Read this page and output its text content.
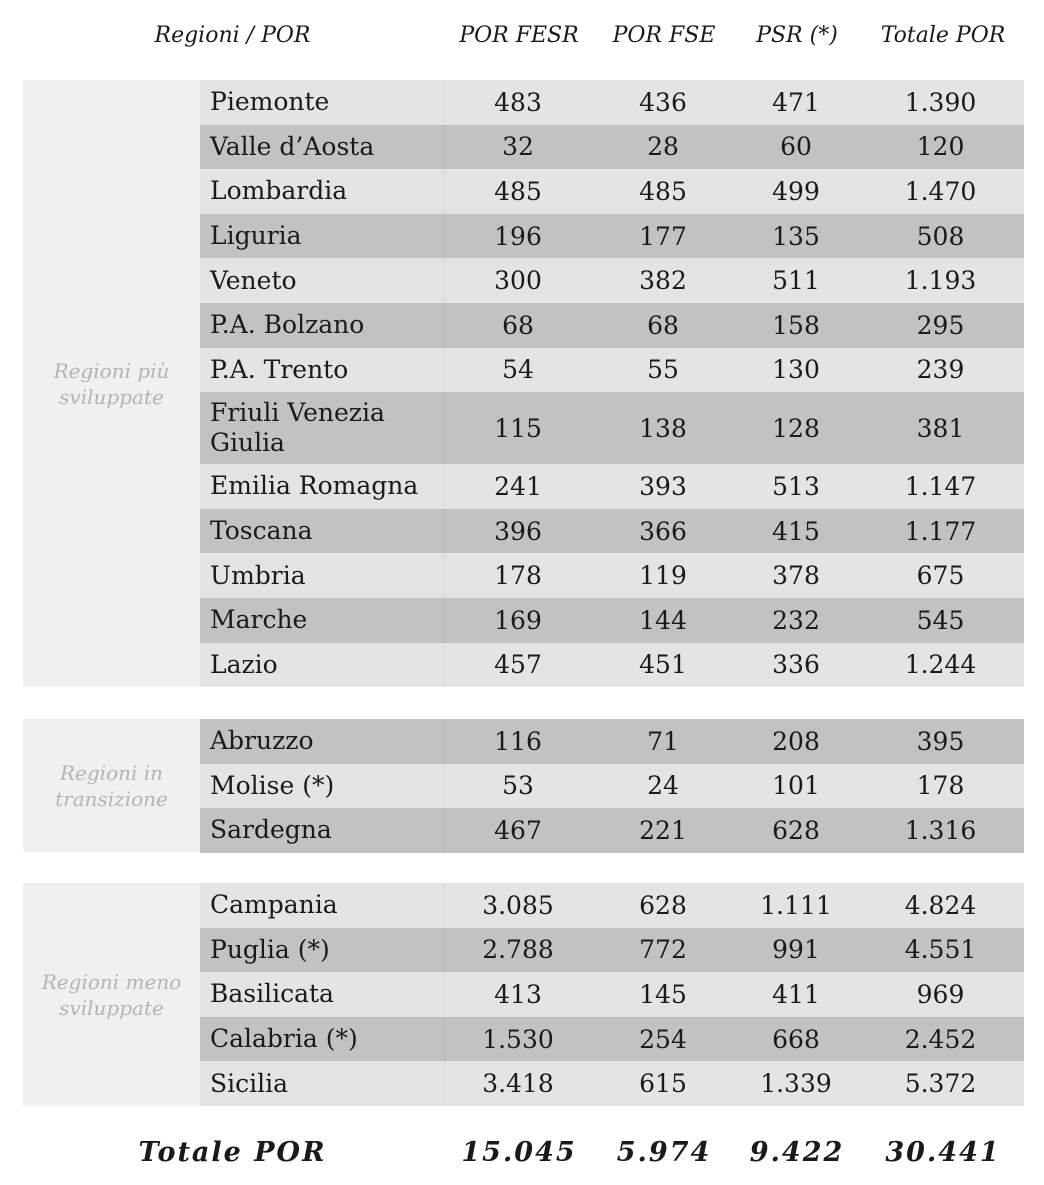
Regioni / POR	POR FESR	POR FSE	PSR (*)	Totale POR
Regioni più sviluppate
Piemonte	483	436	471	1.390
Valle d’Aosta	32	28	60	120
Lombardia	485	485	499	1.470
Liguria	196	177	135	508
Veneto	300	382	511	1.193
P.A. Bolzano	68	68	158	295
P.A. Trento	54	55	130	239
Friuli Venezia Giulia	115	138	128	381
Emilia Romagna	241	393	513	1.147
Toscana	396	366	415	1.177
Umbria	178	119	378	675
Marche	169	144	232	545
Lazio	457	451	336	1.244
Regioni in transizione
Abruzzo	116	71	208	395
Molise (*)	53	24	101	178
Sardegna	467	221	628	1.316
Regioni meno sviluppate
Campania	3.085	628	1.111	4.824
Puglia (*)	2.788	772	991	4.551
Basilicata	413	145	411	969
Calabria (*)	1.530	254	668	2.452
Sicilia	3.418	615	1.339	5.372
Totale POR	15.045	5.974	9.422	30.441
